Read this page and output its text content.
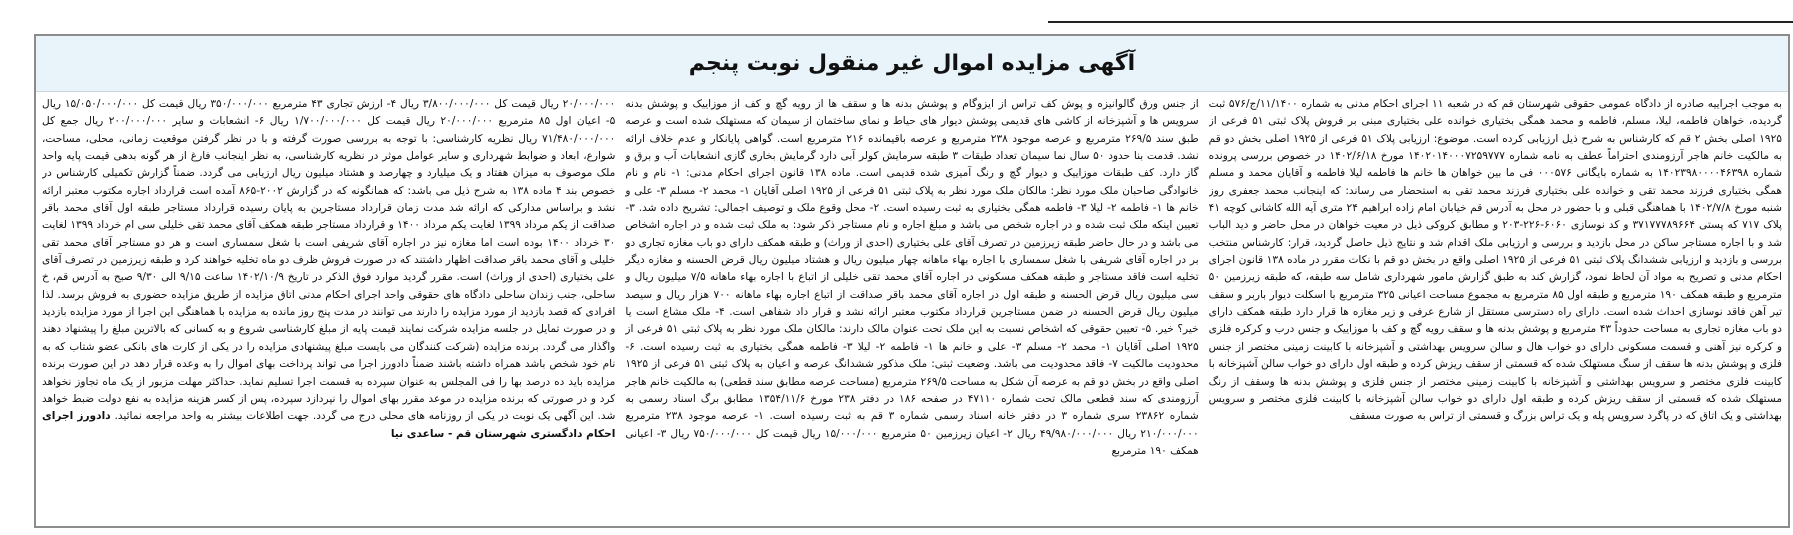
آگهی مزایده اموال غیر منقول نوبت پنجم
به موجب اجراییه صادره از دادگاه عمومی حقوقی شهرستان قم که در شعبه ۱۱ اجرای احکام مدنی به شماره ۱۱/۱۴۰۰/ج/۵۷۶ ثبت گردیده، خواهان فاطمه، لیلا، مسلم، فاطمه و محمد همگی بختیاری خوانده علی بختیاری مبنی بر فروش پلاک ثبتی ۵۱ فرعی از ۱۹۲۵ اصلی بخش ۲ قم که کارشناس به شرح ذیل ارزیابی کرده است. موضوع: ارزیابی پلاک ۵۱ فرعی از ۱۹۲۵ اصلی بخش دو قم به مالکیت خانم هاجر آرزومندی احتراماً عطف به نامه شماره ۱۴۰۲۰۱۴۰۰۰۷۲۵۹۷۷۷ مورخ ۱۴۰۲/۶/۱۸ در خصوص بررسی پرونده شماره ۱۴۰۲۳۹۸۰۰۰۰۴۶۳۹۸ به شماره بایگانی ۰۰۰۵۷۶ فی ما بین خواهان ها خانم ها فاطمه لیلا فاطمه و آقایان محمد و مسلم همگی بختیاری فرزند محمد تقی و خوانده علی بختیاری فرزند محمد تقی به استحضار می رساند: که اینجانب محمد جعفری روز شنبه مورخ ۱۴۰۲/۷/۸ با هماهنگی قبلی و با حضور در محل به آدرس قم خیابان امام زاده ابراهیم ۲۴ متری آیه الله کاشانی کوچه ۴۱ پلاک ۷۱۷ که پستی ۳۷۱۷۷۷۸۹۶۶۴ و کد نوسازی ۶۰۶۰-۲۲۶-۲۰۳ و مطابق کروکی ذیل در معیت خواهان در محل حاضر و دید الباب شد و با اجاره مستاجر ساکن در محل بازدید و بررسی و ارزیابی ملک اقدام شد و نتایج ذیل حاصل گردید، قرار: کارشناس منتخب بررسی و بازدید و ارزیابی ششدانگ پلاک ثبتی ۵۱ فرعی از ۱۹۲۵ اصلی واقع در بخش دو قم با نکات مقرر در ماده ۱۳۸ قانون اجرای احکام مدنی و تصریح به مواد آن لحاظ نمود، گزارش کند به طبق گزارش مامور شهرداری شامل سه طبقه، که طبقه زیرزمین ۵۰ مترمربع و طبقه همکف ۱۹۰ مترمربع و طبقه اول ۸۵ مترمربع به مجموع مساحت اعیانی ۳۲۵ مترمربع با اسکلت دیوار باربر و سقف تیر آهن فاقد نوسازی احداث شده است. دارای راه دسترسی مستقل از شارع عرفی و زیر مغازه ها قرار دارد طبقه همکف دارای دو باب مغازه تجاری به مساحت حدوداً ۴۳ مترمربع و پوشش بدنه ها و سقف رویه گچ و کف با موزاییک و جنس درب و کرکره فلزی و کرکره نیز آهنی و قسمت مسکونی دارای دو خواب هال و سالن سرویس بهداشتی و آشپزخانه با کابینت زمینی مختصر از جنس فلزی و پوشش بدنه ها سقف از سنگ مستهلک شده که قسمتی از سقف ریزش کرده و طبقه اول دارای دو خواب سالن آشپزخانه با کابینت فلزی مختصر و سرویس بهداشتی و آشپزخانه با کابینت زمینی مختصر از جنس فلزی و پوشش بدنه ها وسقف از رنگ مستهلک شده که قسمتی از سقف ریزش کرده و طبقه اول دارای دو خواب سالن آشپزخانه با کابینت فلزی مختصر و سرویس بهداشتی و یک اتاق که در پاگرد سرویس پله و یک تراس بزرگ و قسمتی از تراس به صورت مسقف
از جنس ورق گالوانیزه و پوش کف تراس از ایزوگام و پوشش بدنه ها و سقف ها از رویه گچ و کف از موزاییک و پوشش بدنه سرویس ها و آشپزخانه از کاشی های قدیمی پوشش دیوار های حیاط و نمای ساختمان از سیمان که مستهلک شده است و عرصه طبق سند ۲۶۹/۵ مترمربع و عرصه موجود ۲۳۸ مترمربع و عرصه باقیمانده ۲۱۶ مترمربع است. گواهی پایانکار و عدم خلاف ارائه نشد. قدمت بنا حدود ۵۰ سال نما سیمان تعداد طبقات ۳ طبقه سرمایش کولر آبی دارد گرمایش بخاری گازی انشعابات آب و برق و گاز دارد. کف طبقات موزاییک و دیوار گچ و رنگ آمیزی شده قدیمی است. ماده ۱۳۸ قانون اجرای احکام مدنی: ۱- نام و نام خانوادگی صاحبان ملک مورد نظر: مالکان ملک مورد نظر به پلاک ثبتی ۵۱ فرعی از ۱۹۲۵ اصلی آقایان ۱- محمد ۲- مسلم ۳- علی و خانم ها ۱- فاطمه ۲- لیلا ۳- فاطمه همگی بختیاری به ثبت رسیده است. ۲- محل وقوع ملک و توصیف اجمالی: تشریح داده شد. ۳- تعیین اینکه ملک ثبت شده و در اجاره شخص می باشد و مبلغ اجاره و نام مستاجر ذکر شود: به ملک ثبت شده و در اجاره اشخاص می باشد و در حال حاضر طبقه زیرزمین در تصرف آقای علی بختیاری (احدی از وراث) و طبقه همکف دارای دو باب مغازه تجاری دو بر در اجاره آقای شریفی با شغل سمساری با اجاره بهاء ماهانه چهار میلیون ریال و هشتاد میلیون ریال قرض الحسنه و مغازه دیگر تخلیه است فاقد مستاجر و طبقه همکف مسکونی در اجاره آقای محمد تقی خلیلی از اتباع با اجاره بهاء ماهانه ۷/۵ میلیون ریال و سی میلیون ریال قرض الحسنه و طبقه اول در اجاره آقای محمد باقر صداقت از اتباع اجاره بهاء ماهانه ۷۰۰ هزار ریال و سیصد میلیون ریال قرض الحسنه در ضمن مستاجرین قرارداد مکتوب معتبر ارائه نشد و قرار داد شفاهی است. ۴- ملک مشاع است یا خیر؟ خیر. ۵- تعیین حقوقی که اشخاص نسبت به این ملک تحت عنوان مالک دارند: مالکان ملک مورد نظر به پلاک ثبتی ۵۱ فرعی از ۱۹۲۵ اصلی آقایان ۱- محمد ۲- مسلم ۳- علی و خانم ها ۱- فاطمه ۲- لیلا ۳- فاطمه همگی بختیاری به ثبت رسیده است. ۶- محدودیت مالکیت ۷- فاقد محدودیت می باشد. وضعیت ثبتی: ملک مذکور ششدانگ عرصه و اعیان به پلاک ثبتی ۵۱ فرعی از ۱۹۲۵ اصلی واقع در بخش دو قم به عرصه آن شکل به مساحت ۲۶۹/۵ مترمربع (مساحت عرصه مطابق سند قطعی) به مالکیت خانم هاجر آرزومندی که سند قطعی مالک تحت شماره ۴۷۱۱۰ در صفحه ۱۸۶ در دفتر ۲۳۸ مورخ ۱۳۵۴/۱۱/۶ مطابق برگ اسناد رسمی به شماره ۲۳۸۶۲ سری شماره ۳ در دفتر خانه اسناد رسمی شماره ۳ قم به ثبت رسیده است. ۱- عرصه موجود ۲۳۸ مترمربع ۲۱۰/۰۰۰/۰۰۰ ریال ۴۹/۹۸۰/۰۰۰/۰۰۰ ریال ۲- اعیان زیرزمین ۵۰ مترمربع ۱۵/۰۰۰/۰۰۰ ریال قیمت کل ۷۵۰/۰۰۰/۰۰۰ ریال ۳- اعیانی همکف ۱۹۰ مترمربع
۲۰/۰۰۰/۰۰۰ ریال قیمت کل ۳/۸۰۰/۰۰۰/۰۰۰ ریال ۴- ارزش تجاری ۴۳ مترمربع ۳۵۰/۰۰۰/۰۰۰ ریال قیمت کل ۱۵/۰۵۰/۰۰۰/۰۰۰ ریال ۵- اعیان اول ۸۵ مترمربع ۲۰/۰۰۰/۰۰۰ ریال قیمت کل ۱/۷۰۰/۰۰۰/۰۰۰ ریال ۶- انشعابات و سایر ۲۰۰/۰۰۰/۰۰۰ ریال جمع کل ۷۱/۴۸۰/۰۰۰/۰۰۰ ریال نظریه کارشناسی: با توجه به بررسی صورت گرفته و با در نظر گرفتن موقعیت زمانی، محلی، مساحت، شوارع، ابعاد و ضوابط شهرداری و سایر عوامل موثر در نظریه کارشناسی، به نظر اینجانب فارغ از هر گونه بدهی قیمت پایه واحد ملک موصوف به میزان هفتاد و یک میلیارد و چهارصد و هشتاد میلیون ریال ارزیابی می گردد. ضمناً گزارش تکمیلی کارشناس در خصوص بند ۴ ماده ۱۳۸ به شرح ذیل می باشد: که همانگونه که در گزارش ۲۰۰۲-۸۶۵ آمده است قرارداد اجاره مکتوب معتبر ارائه نشد و براساس مدارکی که ارائه شد مدت زمان قرارداد مستاجرین به پایان رسیده قرارداد مستاجر طبقه اول آقای محمد باقر صداقت از یکم مرداد ۱۳۹۹ لغایت یکم مرداد ۱۴۰۰ و قرارداد مستاجر طبقه همکف آقای محمد تقی خلیلی سی ام خرداد ۱۳۹۹ لغایت ۳۰ خرداد ۱۴۰۰ بوده است اما مغازه نیز در اجاره آقای شریفی است با شغل سمساری است و هر دو مستاجر آقای محمد تقی خلیلی و آقای محمد باقر صداقت اظهار داشتند که در صورت فروش ظرف دو ماه تخلیه خواهند کرد و طبقه زیرزمین در تصرف آقای علی بختیاری (احدی از وراث) است. مقرر گردید موارد فوق الذکر در تاریخ ۱۴۰۲/۱۰/۹ ساعت ۹/۱۵ الی ۹/۳۰ صبح به آدرس قم، خ ساحلی، جنب زندان ساحلی دادگاه های حقوقی واحد اجرای احکام مدنی اتاق مزایده از طریق مزایده حضوری به فروش برسد. لذا افرادی که قصد بازدید از مورد مزایده را دارند می توانند در مدت پنج روز مانده به مزایده با هماهنگی این اجرا از مورد مزایده بازدید و در صورت تمایل در جلسه مزایده شرکت نمایند قیمت پایه از مبلغ کارشناسی شروع و به کسانی که بالاترین مبلغ را پیشنهاد دهند واگذار می گردد. برنده مزایده (شرکت کنندگان می بایست مبلغ پیشنهادی مزایده را در یکی از کارت های بانکی عضو شتاب که به نام خود شخص باشد همراه داشته باشند ضمناً دادورز اجرا می تواند پرداخت بهای اموال را به وعده قرار دهد در این صورت برنده مزایده باید ده درصد بها را فی المجلس به عنوان سپرده به قسمت اجرا تسلیم نماید. حداکثر مهلت مزبور از یک ماه تجاوز نخواهد کرد و در صورتی که برنده مزایده در موعد مقرر بهای اموال را نپردازد سپرده، پس از کسر هزینه مزایده به نفع دولت ضبط خواهد شد. این آگهی یک نوبت در یکی از روزنامه های محلی درج می گردد. جهت اطلاعات بیشتر به واحد مراجعه نمائید. دادورز اجرای احکام دادگستری شهرستان قم - ساعدی نیا
